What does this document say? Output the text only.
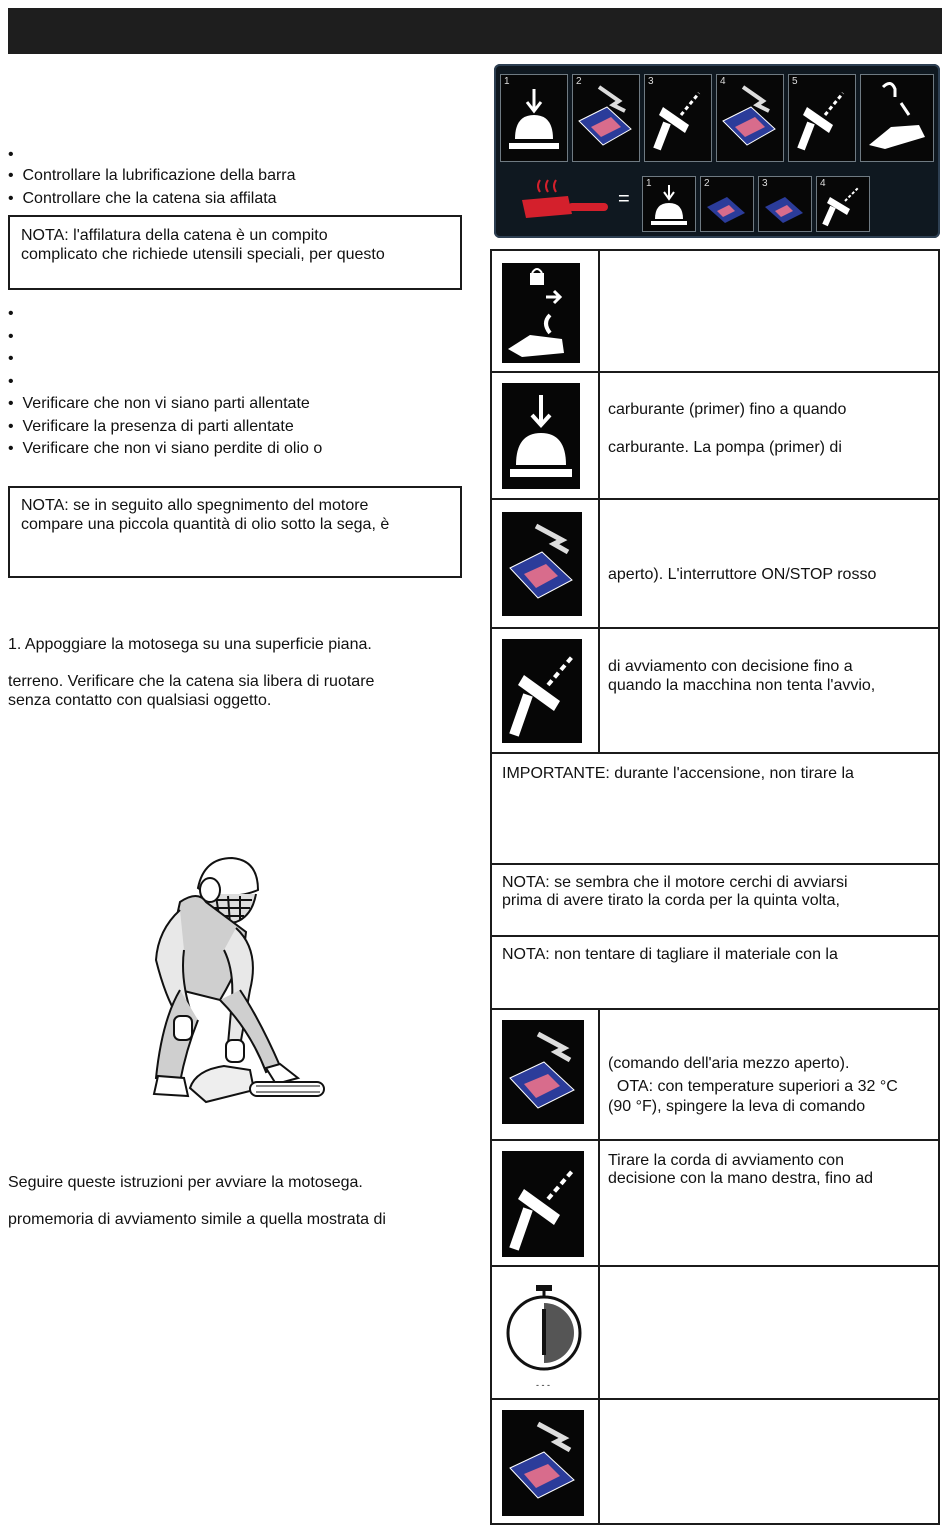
•
•  Controllare la lubrificazione della barra
•  Controllare che la catena sia affilata
NOTA: l'affilatura della catena è un compito
complicato che richiede utensili speciali, per questo
•
•
•
•
•  Verificare che non vi siano parti allentate
•  Verificare la presenza di parti allentate
•  Verificare che non vi siano perdite di olio o
NOTA: se in seguito allo spegnimento del motore
compare una piccola quantità di olio sotto la sega, è
1. Appoggiare la motosega su una superficie piana.
terreno. Verificare che la catena sia libera di ruotare
senza contatto con qualsiasi oggetto.
Seguire queste istruzioni per avviare la motosega.
promemoria di avviamento simile a quella mostrata di
1	2	3	4	5
=
1	2	3	4
carburante (primer) fino a quando
carburante. La pompa (primer) di
aperto). L'interruttore ON/STOP rosso
di avviamento con decisione fino a
quando la macchina non tenta l'avvio,
IMPORTANTE: durante l'accensione, non tirare la
NOTA: se sembra che il motore cerchi di avviarsi
prima di avere tirato la corda per la quinta volta,
NOTA: non tentare di tagliare il materiale con la
(comando dell'aria mezzo aperto).
OTA: con temperature superiori a 32 °C
(90 °F), spingere la leva di comando
Tirare la corda di avviamento con
decisione con la mano destra, fino ad
- - -
